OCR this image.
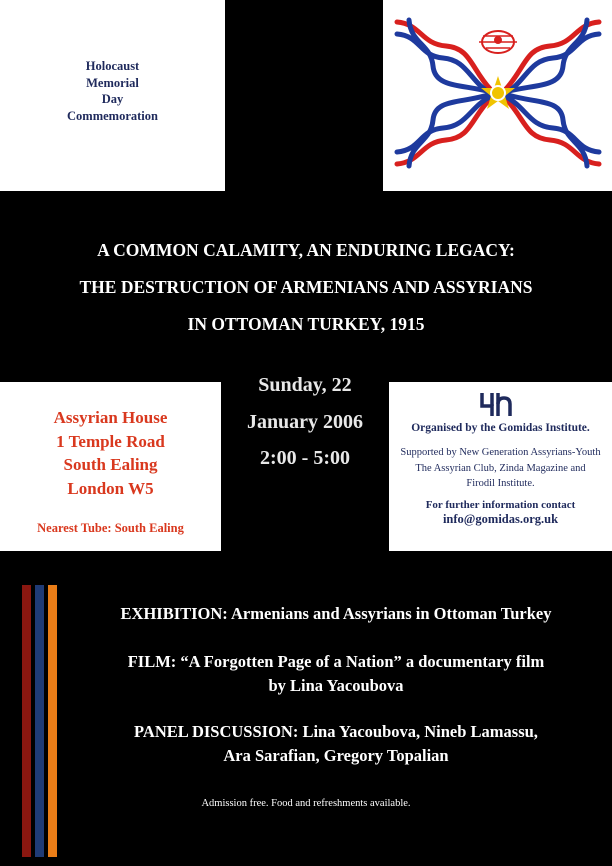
Holocaust
Memorial
Day
Commemoration
A COMMON CALAMITY, AN ENDURING LEGACY:
THE DESTRUCTION OF ARMENIANS AND ASSYRIANS
IN OTTOMAN TURKEY, 1915
Assyrian House
1 Temple Road
South Ealing
London W5
Nearest Tube: South Ealing
Sunday, 22
January 2006
2:00 - 5:00
Organised by the Gomidas Institute.
Supported by New Generation Assyrians-Youth
The Assyrian Club, Zinda Magazine and
Firodil Institute.
For further information contact
info@gomidas.org.uk
EXHIBITION: Armenians and Assyrians in Ottoman Turkey
FILM: “A Forgotten Page of a Nation” a documentary film
by Lina Yacoubova
PANEL DISCUSSION: Lina Yacoubova, Nineb Lamassu,
Ara Sarafian, Gregory Topalian
Admission free. Food and refreshments available.
